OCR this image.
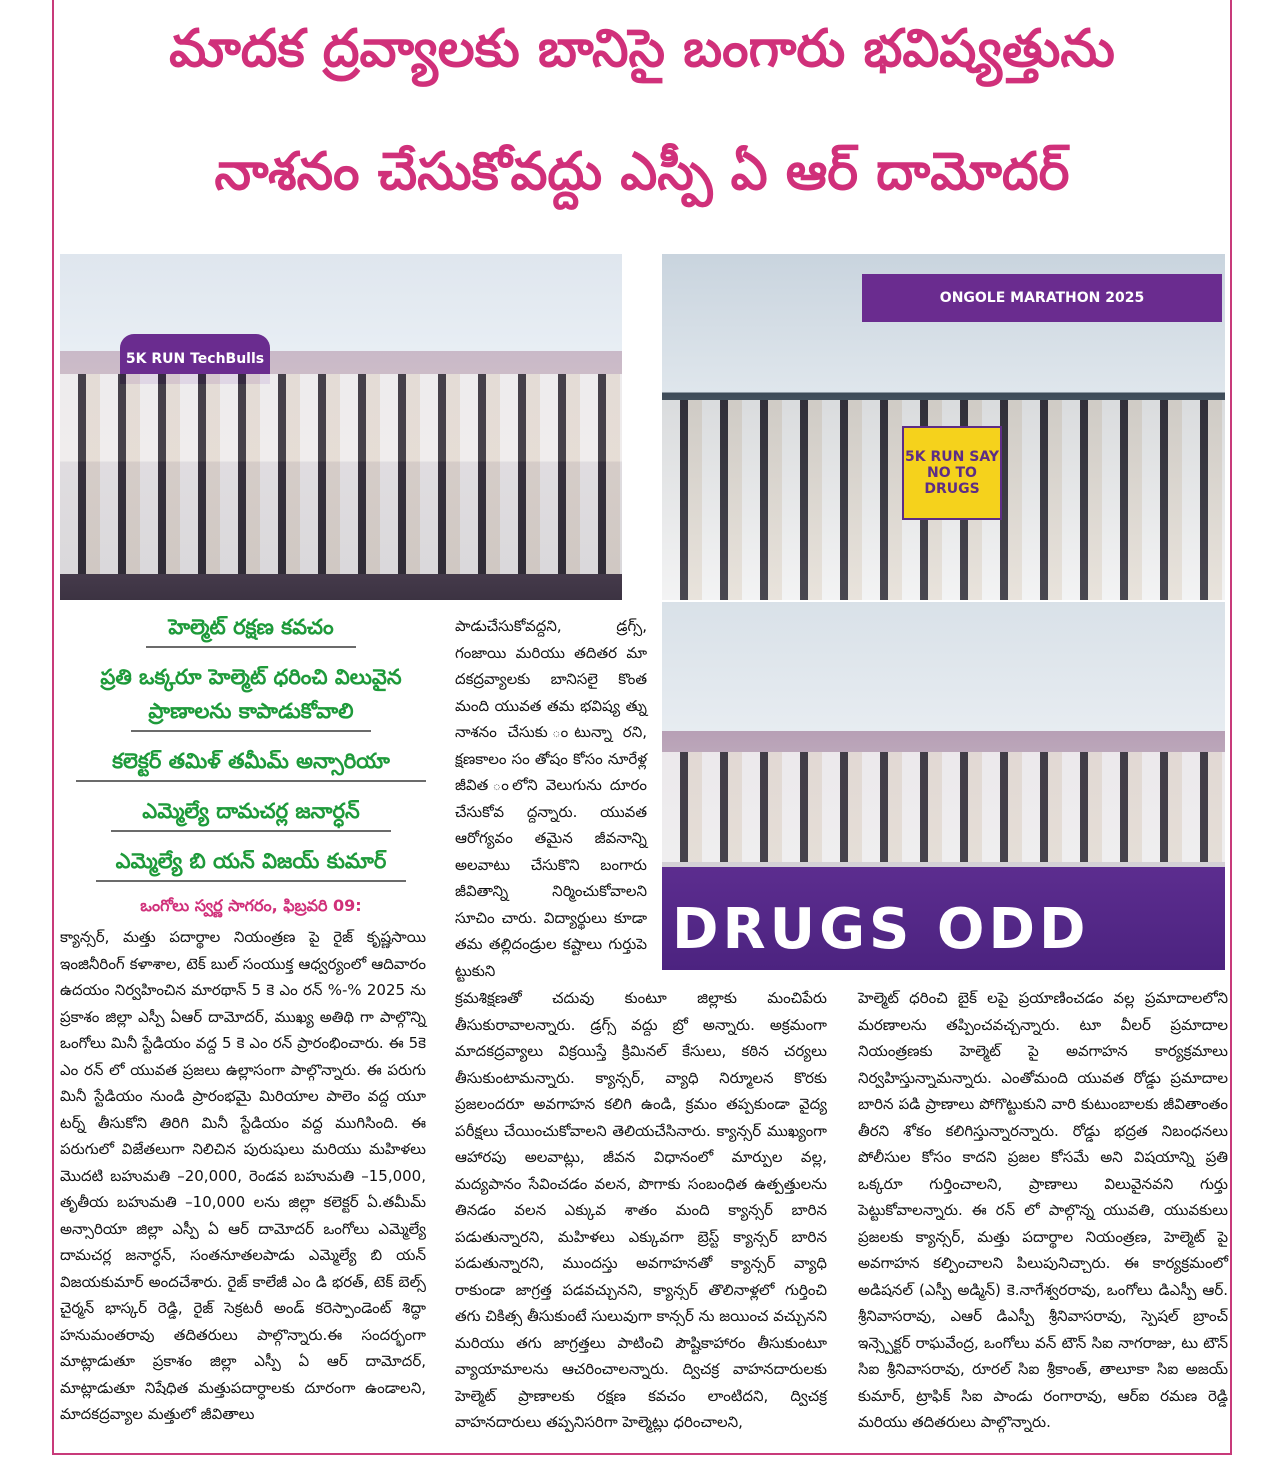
మాదక ద్రవ్యాలకు బానిసై బంగారు భవిష్యత్తును
నాశనం చేసుకోవద్దు ఎస్పీ ఏ ఆర్ దామోదర్
5K RUN TechBulls
ONGOLE MARATHON 2025
5K RUN SAY NO TO DRUGS
DRUGS ODD
హెల్మెట్ రక్షణ కవచం
ప్రతి ఒక్కరూ హెల్మెట్ ధరించి విలువైన
ప్రాణాలను కాపాడుకోవాలి
కలెక్టర్ తమిళ్ తమీమ్ అన్సారియా
ఎమ్మెల్యే దామచర్ల జనార్ధన్
ఎమ్మెల్యే బి యన్ విజయ్ కుమార్
ఒంగోలు స్వర్ణ సాగరం, ఫిబ్రవరి 09:
క్యాన్సర్, మత్తు పదార్థాల నియంత్రణ పై రైజ్ కృష్ణసాయి ఇంజినీరింగ్ కళాశాల, టెక్ బుల్ సంయుక్త ఆధ్వర్యంలో ఆదివారం ఉదయం నిర్వహించిన మారథాన్ 5 కె ఎం రన్ %-% 2025 ను ప్రకాశం జిల్లా ఎస్పీ ఏఆర్ దామోదర్, ముఖ్య అతిథి గా పాల్గొన్ని ఒంగోలు మినీ స్టేడియం వద్ద 5 కె ఎం రన్ ప్రారంభించారు. ఈ 5కె ఎం రన్ లో యువత ప్రజలు ఉల్లాసంగా పాల్గొన్నారు. ఈ పరుగు మినీ స్టేడియం నుండి ప్రారంభమై మిరియాల పాలెం వద్ద యూ టర్న్ తీసుకోని తిరిగి మినీ స్టేడియం వద్ద ముగిసింది. ఈ పరుగులో విజేతలుగా నిలిచిన పురుషులు మరియు మహిళలు మొదటి బహుమతి –20,000, రెండవ బహుమతి –15,000, తృతీయ బహుమతి –10,000 లను జిల్లా కలెక్టర్ ఏ.తమీమ్ అన్సారియా జిల్లా ఎస్పీ ఏ ఆర్ దామోదర్ ఒంగోలు ఎమ్మెల్యే దామచర్ల జనార్ధన్, సంతనూతలపాడు ఎమ్మెల్యే బి యన్ విజయకుమార్ అందచేశారు. రైజ్ కాలేజీ ఎం డి భరత్, టెక్ బెల్స్ చైర్మన్ భాస్కర్ రెడ్డి, రైజ్ సెక్రటరీ అండ్ కరెస్పాండెంట్ శిద్ధా హనుమంతరావు తదితరులు పాల్గొన్నారు.ఈ సందర్భంగా మాట్లాడుతూ ప్రకాశం జిల్లా ఎస్పీ ఏ ఆర్ దామోదర్, మాట్లాడుతూ నిషేధిత మత్తుపదార్ధాలకు దూరంగా ఉండాలని, మాదకద్రవ్యాల మత్తులో జీవితాలు
పాడుచేసుకోవద్దని, డ్రగ్స్, గంజాయి మరియు తదితర మా దకద్రవ్యాలకు బానిసలై కొంత మంది యువత తమ భవిష్య త్ను నాశనం చేసుకు ంటున్నా రని, క్షణకాలం సం తోషం కోసం నూరేళ్ల జీవిత ంలోని వెలుగును దూరం చేసుకోవ ద్దన్నారు. యువత ఆరోగ్యవం తమైన జీవనాన్ని అలవాటు చేసుకొని బంగారు జీవితాన్ని నిర్మించుకోవాలని సూచిం చారు. విద్యార్థులు కూడా తమ తల్లిదండ్రుల కష్టాలు గుర్తుపె ట్టుకుని
క్రమశిక్షణతో చదువు కుంటూ జిల్లాకు మంచిపేరు తీసుకురావాలన్నారు. డ్రగ్స్ వద్దు బ్రో అన్నారు. అక్రమంగా మాదకద్రవ్యాలు విక్రయిస్తే క్రిమినల్ కేసులు, కఠిన చర్యలు తీసుకుంటామన్నారు. క్యాన్సర్, వ్యాధి నిర్మూలన కొరకు ప్రజలందరూ అవగాహన కలిగి ఉండి, క్రమం తప్పకుండా వైద్య పరీక్షలు చేయించుకోవాలని తెలియచేసినారు. క్యాన్సర్ ముఖ్యంగా ఆహారపు అలవాట్లు, జీవన విధానంలో మార్పుల వల్ల, మద్యపానం సేవించడం వలన, పొగాకు సంబంధిత ఉత్పత్తులను తినడం వలన ఎక్కువ శాతం మంది క్యాన్సర్ బారిన పడుతున్నారని, మహిళలు ఎక్కువగా బ్రెస్ట్ క్యాన్సర్ బారిన పడుతున్నారని, ముందస్తు అవగాహనతో క్యాన్సర్ వ్యాధి రాకుండా జాగ్రత్త పడవచ్చునని, క్యాన్సర్ తొలినాళ్లలో గుర్తించి తగు చికిత్స తీసుకుంటే సులువుగా కాన్సర్ ను జయించ వచ్చునని మరియు తగు జాగ్రత్తలు పాటించి పౌష్టికాహారం తీసుకుంటూ వ్యాయామాలను ఆచరించాలన్నారు. ద్విచక్ర వాహనదారులకు హెల్మెట్ ప్రాణాలకు రక్షణ కవచం లాంటిదని, ద్విచక్ర వాహనదారులు తప్పనిసరిగా హెల్మెట్లు ధరించాలని,
హెల్మెట్ ధరించి బైక్ లపై ప్రయాణించడం వల్ల ప్రమాదాలలోని మరణాలను తప్పించవచ్చన్నారు. టూ వీలర్ ప్రమాదాల నియంత్రణకు హెల్మెట్ పై అవగాహన కార్యక్రమాలు నిర్వహిస్తున్నామన్నారు. ఎంతోమంది యువత రోడ్డు ప్రమాదాల బారిన పడి ప్రాణాలు పోగొట్టుకుని వారి కుటుంబాలకు జీవితాంతం తీరని శోకం కలిగిస్తున్నారన్నారు. రోడ్డు భద్రత నిబంధనలు పోలీసుల కోసం కాదని ప్రజల కోసమే అని విషయాన్ని ప్రతి ఒక్కరూ గుర్తించాలని, ప్రాణాలు విలువైనవని గుర్తు పెట్టుకోవాలన్నారు. ఈ రన్ లో పాల్గొన్న యువతి, యువకులు ప్రజలకు క్యాన్సర్, మత్తు పదార్థాల నియంత్రణ, హెల్మెట్ పై అవగాహన కల్పించాలని పిలుపునిచ్చారు. ఈ కార్యక్రమంలో అడిషనల్ (ఎస్పీ అడ్మిన్) కె.నాగేశ్వరరావు, ఒంగోలు డిఎస్పీ ఆర్. శ్రీనివాసరావు, ఎఆర్ డిఎస్పీ శ్రీనివాసరావు, స్పెషల్ బ్రాంచ్ ఇన్స్పెక్టర్ రాఘవేంద్ర, ఒంగోలు వన్ టౌన్ సిఐ నాగరాజు, టు టౌన్ సిఐ శ్రీనివాసరావు, రూరల్ సిఐ శ్రీకాంత్, తాలూకా సిఐ అజయ్ కుమార్, ట్రాఫిక్ సిఐ పాండు రంగారావు, ఆర్ఐ రమణ రెడ్డి మరియు తదితరులు పాల్గొన్నారు.
